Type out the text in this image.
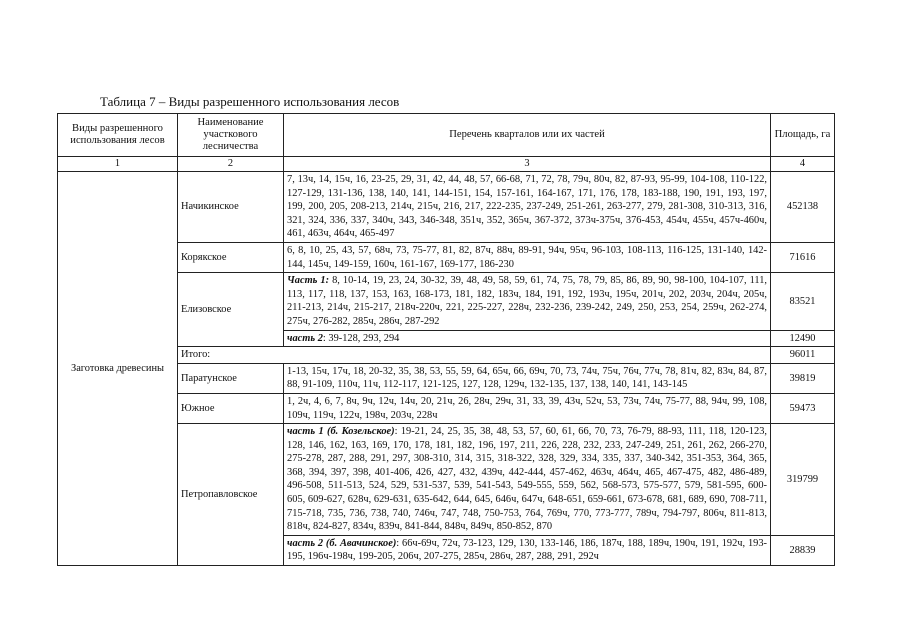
Таблица 7 – Виды разрешенного использования лесов
Виды разрешенного использования лесов	Наименование участкового лесничества	Перечень кварталов или их частей	Площадь, га
1	2	3	4
Заготовка древесины	Начикинское	7, 13ч, 14, 15ч, 16, 23-25, 29, 31, 42, 44, 48, 57, 66-68, 71, 72, 78, 79ч, 80ч, 82, 87-93, 95-99, 104-108, 110-122, 127-129, 131-136, 138, 140, 141, 144-151, 154, 157-161, 164-167, 171, 176, 178, 183-188, 190, 191, 193, 197, 199, 200, 205, 208-213, 214ч, 215ч, 216, 217, 222-235, 237-249, 251-261, 263-277, 279, 281-308, 310-313, 316, 321, 324, 336, 337, 340ч, 343, 346-348, 351ч, 352, 365ч, 367-372, 373ч-375ч, 376-453, 454ч, 455ч, 457ч-460ч, 461, 463ч, 464ч, 465-497	452138
	Корякское	6, 8, 10, 25, 43, 57, 68ч, 73, 75-77, 81, 82, 87ч, 88ч, 89-91, 94ч, 95ч, 96-103, 108-113, 116-125, 131-140, 142-144, 145ч, 149-159, 160ч, 161-167, 169-177, 186-230	71616
	Елизовское	Часть 1: 8, 10-14, 19, 23, 24, 30-32, 39, 48, 49, 58, 59, 61, 74, 75, 78, 79, 85, 86, 89, 90, 98-100, 104-107, 111, 113, 117, 118, 137, 153, 163, 168-173, 181, 182, 183ч, 184, 191, 192, 193ч, 195ч, 201ч, 202, 203ч, 204ч, 205ч, 211-213, 214ч, 215-217, 218ч-220ч, 221, 225-227, 228ч, 232-236, 239-242, 249, 250, 253, 254, 259ч, 262-274, 275ч, 276-282, 285ч, 286ч, 287-292	83521
		часть 2: 39-128, 293, 294	12490
	Итого:		96011
	Паратунское	1-13, 15ч, 17ч, 18, 20-32, 35, 38, 53, 55, 59, 64, 65ч, 66, 69ч, 70, 73, 74ч, 75ч, 76ч, 77ч, 78, 81ч, 82, 83ч, 84, 87, 88, 91-109, 110ч, 11ч, 112-117, 121-125, 127, 128, 129ч, 132-135, 137, 138, 140, 141, 143-145	39819
	Южное	1, 2ч, 4, 6, 7, 8ч, 9ч, 12ч, 14ч, 20, 21ч, 26, 28ч, 29ч, 31, 33, 39, 43ч, 52ч, 53, 73ч, 74ч, 75-77, 88, 94ч, 99, 108, 109ч, 119ч, 122ч, 198ч, 203ч, 228ч	59473
	Петропавловское	часть 1 (б. Козельское): 19-21, 24, 25, 35, 38, 48, 53, 57, 60, 61, 66, 70, 73, 76-79, 88-93, 111, 118, 120-123, 128, 146, 162, 163, 169, 170, 178, 181, 182, 196, 197, 211, 226, 228, 232, 233, 247-249, 251, 261, 262, 266-270, 275-278, 287, 288, 291, 297, 308-310, 314, 315, 318-322, 328, 329, 334, 335, 337, 340-342, 351-353, 364, 365, 368, 394, 397, 398, 401-406, 426, 427, 432, 439ч, 442-444, 457-462, 463ч, 464ч, 465, 467-475, 482, 486-489, 496-508, 511-513, 524, 529, 531-537, 539, 541-543, 549-555, 559, 562, 568-573, 575-577, 579, 581-595, 600-605, 609-627, 628ч, 629-631, 635-642, 644, 645, 646ч, 647ч, 648-651, 659-661, 673-678, 681, 689, 690, 708-711, 715-718, 735, 736, 738, 740, 746ч, 747, 748, 750-753, 764, 769ч, 770, 773-777, 789ч, 794-797, 806ч, 811-813, 818ч, 824-827, 834ч, 839ч, 841-844, 848ч, 849ч, 850-852, 870	319799
		часть 2 (б. Авачинское): 66ч-69ч, 72ч, 73-123, 129, 130, 133-146, 186, 187ч, 188, 189ч, 190ч, 191, 192ч, 193-195, 196ч-198ч, 199-205, 206ч, 207-275, 285ч, 286ч, 287, 288, 291, 292ч	28839
